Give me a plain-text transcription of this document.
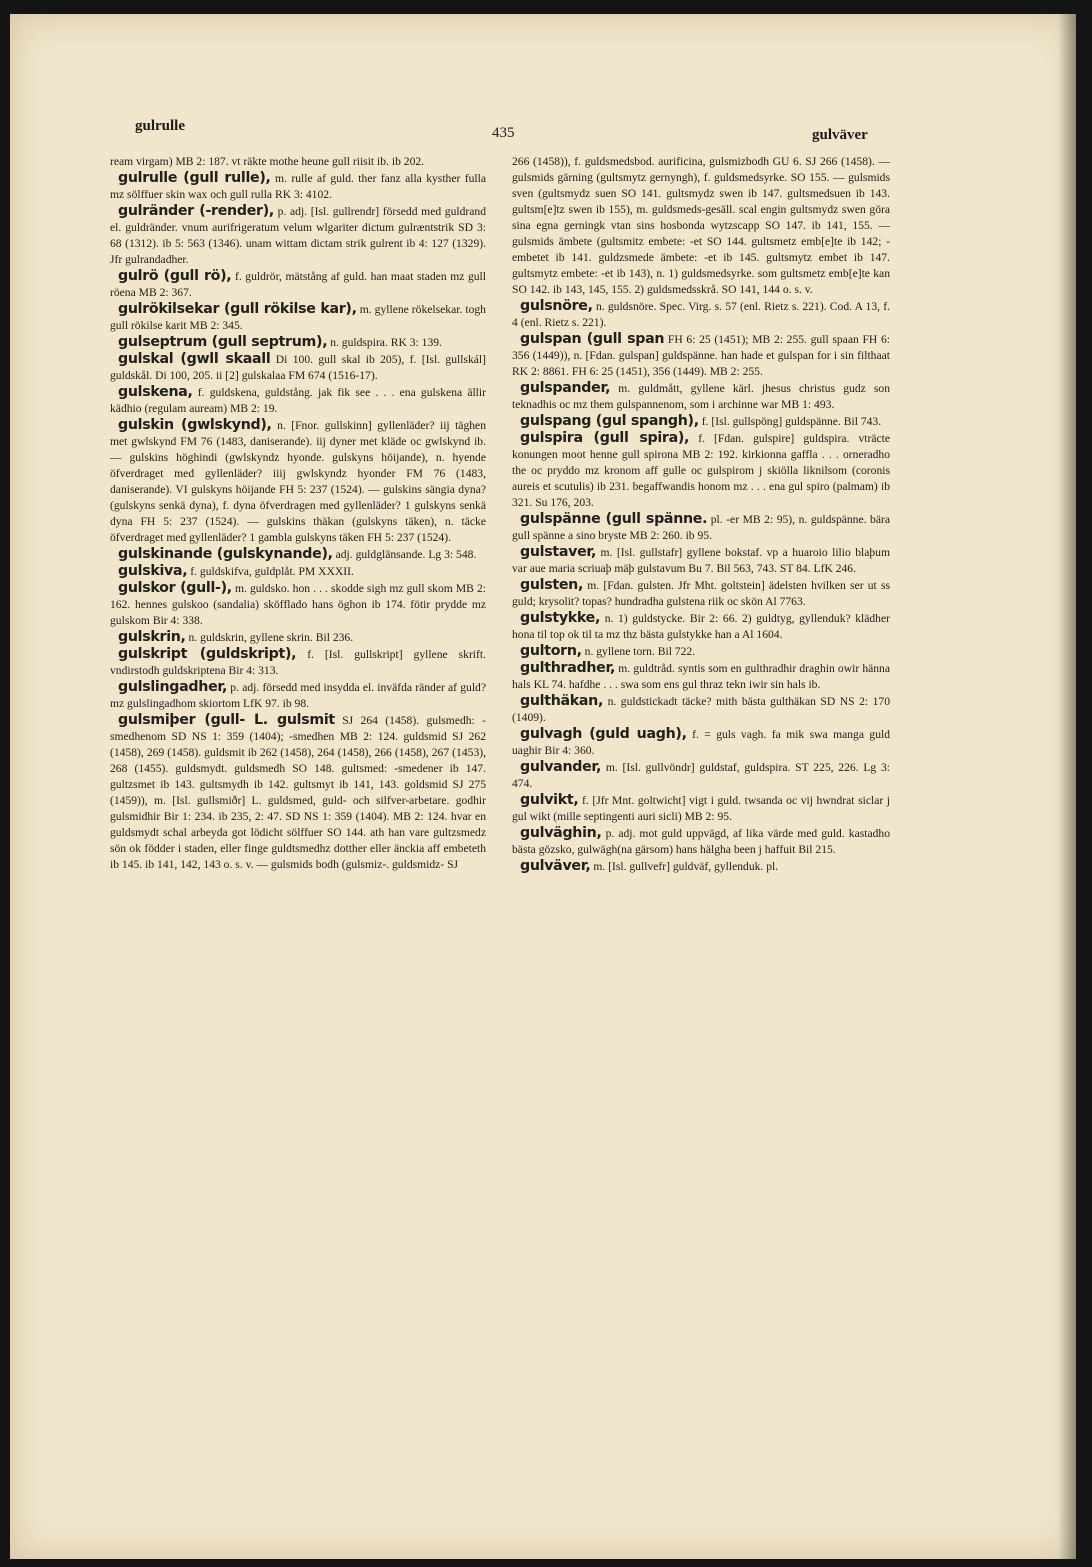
gulrulle	435	gulväver
ream virgam) MB 2: 187. vt räkte mothe heune gull riisit ib. ib 202.
gulrulle (gull rulle), m. rulle af guld. ther fanz alla kysther fulla mz sölffuer skin wax och gull rulla RK 3: 4102.
gulränder (-render), p. adj. [Isl. gullrendr] försedd med guldrand el. guldränder. vnum aurifrigeratum velum wlgariter dictum gulræntstrik SD 3: 68 (1312). ib 5: 563 (1346). unam wittam dictam strik gulrent ib 4: 127 (1329). Jfr gulrandadher.
gulrö (gull rö), f. guldrör, mätstång af guld. han maat staden mz gull röena MB 2: 367.
gulrökilsekar (gull rökilse kar), m. gyllene rökelsekar. togh gull rökilse karit MB 2: 345.
gulseptrum (gull septrum), n. guldspira. RK 3: 139.
gulskal (gwll skaall Di 100. gull skal ib 205), f. [Isl. gullskál] guldskål. Di 100, 205. ii [2] gulskalaa FM 674 (1516-17).
gulskena, f. guldskena, guldstång. jak fik see . . . ena gulskena ällir kädhio (regulam auream) MB 2: 19.
gulskin (gwlskynd), n. [Fnor. gullskinn] gyllenläder? iij täghen met gwlskynd FM 76 (1483, daniserande). iij dyner met kläde oc gwlskynd ib. — gulskins höghindi (gwlskyndz hyonde. gulskyns höijande), n. hyende öfverdraget med gyllenläder? iiij gwlskyndz hyonder FM 76 (1483, daniserande). VI gulskyns höijande FH 5: 237 (1524). — gulskins sängia dyna? (gulskyns senkä dyna), f. dyna öfverdragen med gyllenläder? 1 gulskyns senkä dyna FH 5: 237 (1524). — gulskins thäkan (gulskyns täken), n. täcke öfverdraget med gyllenläder? 1 gambla gulskyns täken FH 5: 237 (1524).
gulskinande (gulskynande), adj. guldglänsande. Lg 3: 548.
gulskiva, f. guldskifva, guldplåt. PM XXXII.
gulskor (gull-), m. guldsko. hon . . . skodde sigh mz gull skom MB 2: 162. hennes gulskoo (sandalia) sköfflado hans öghon ib 174. fötir prydde mz gulskom Bir 4: 338.
gulskrin, n. guldskrin, gyllene skrin. Bil 236.
gulskript (guldskript), f. [Isl. gullskript] gyllene skrift. vndirstodh guldskriptena Bir 4: 313.
gulslingadher, p. adj. försedd med insydda el. inväfda ränder af guld? mz gulslingadhom skiortom LfK 97. ib 98.
gulsmiþer (gull- L. gulsmit SJ 264 (1458). gulsmedh: -smedhenom SD NS 1: 359 (1404); -smedhen MB 2: 124. guldsmid SJ 262 (1458), 269 (1458). guldsmit ib 262 (1458), 264 (1458), 266 (1458), 267 (1453), 268 (1455). guldsmydt. guldsmedh SO 148. gultsmed: -smedener ib 147. gultzsmet ib 143. gultsmydh ib 142. gultsmyt ib 141, 143. goldsmid SJ 275 (1459)), m. [Isl. gullsmiðr] L. guldsmed, guld- och silfver-arbetare. godhir gulsmidhir Bir 1: 234. ib 235, 2: 47. SD NS 1: 359 (1404). MB 2: 124. hvar en guldsmydt schal arbeyda got lödicht sölffuer SO 144. ath han vare gultzsmedz sön ok födder i staden, eller finge guldtsmedhz dotther eller änckia aff embeteth ib 145. ib 141, 142, 143 o. s. v. — gulsmids bodh (gulsmiz-. guldsmidz- SJ
266 (1458)), f. guldsmedsbod. aurificina, gulsmizbodh GU 6. SJ 266 (1458). — gulsmids gärning (gultsmytz gernyngh), f. guldsmedsyrke. SO 155. — gulsmids sven (gultsmydz suen SO 141. gultsmydz swen ib 147. gultsmedsuen ib 143. gultsm[e]tz swen ib 155), m. guldsmeds-gesäll. scal engin gultsmydz swen göra sina egna gerningk vtan sins hosbonda wytzscapp SO 147. ib 141, 155. — gulsmids ämbete (gultsmitz embete: -et SO 144. gultsmetz emb[e]te ib 142; -embetet ib 141. guldzsmede ämbete: -et ib 145. gultsmytz embet ib 147. gultsmytz embete: -et ib 143), n. 1) guldsmedsyrke. som gultsmetz emb[e]te kan SO 142. ib 143, 145, 155. 2) guldsmedsskrå. SO 141, 144 o. s. v.
gulsnöre, n. guldsnöre. Spec. Virg. s. 57 (enl. Rietz s. 221). Cod. A 13, f. 4 (enl. Rietz s. 221).
gulspan (gull span FH 6: 25 (1451); MB 2: 255. gull spaan FH 6: 356 (1449)), n. [Fdan. gulspan] guldspänne. han hade et gulspan for i sin filthaat RK 2: 8861. FH 6: 25 (1451), 356 (1449). MB 2: 255.
gulspander, m. guldmått, gyllene kärl. jhesus christus gudz son teknadhis oc mz them gulspannenom, som i archinne war MB 1: 493.
gulspang (gul spangh), f. [Isl. gullspöng] guldspänne. Bil 743.
gulspira (gull spira), f. [Fdan. gulspire] guldspira. vträcte konungen moot henne gull spirona MB 2: 192. kirkionna gaffla . . . orneradho the oc pryddo mz kronom aff gulle oc gulspirom j skiölla liknilsom (coronis aureis et scutulis) ib 231. begaffwandis honom mz . . . ena gul spiro (palmam) ib 321. Su 176, 203.
gulspänne (gull spänne. pl. -er MB 2: 95), n. guldspänne. bära gull spänne a sino bryste MB 2: 260. ib 95.
gulstaver, m. [Isl. gullstafr] gyllene bokstaf. vp a huaroio lilio blaþum var aue maria scriuaþ mäþ gulstavum Bu 7. Bil 563, 743. ST 84. LfK 246.
gulsten, m. [Fdan. gulsten. Jfr Mht. goltstein] ädelsten hvilken ser ut ss guld; krysolit? topas? hundradha gulstena riik oc skön Al 7763.
gulstykke, n. 1) guldstycke. Bir 2: 66. 2) guldtyg, gyllenduk? klädher hona til top ok til ta mz thz bästa gulstykke han a Al 1604.
gultorn, n. gyllene torn. Bil 722.
gulthradher, m. guldtråd. syntis som en gulthradhir draghin owir hänna hals KL 74. hafdhe . . . swa som ens gul thraz tekn iwir sin hals ib.
gulthäkan, n. guldstickadt täcke? mith bästa gulthäkan SD NS 2: 170 (1409).
gulvagh (guld uagh), f. = guls vagh. fa mik swa manga guld uaghir Bir 4: 360.
gulvander, m. [Isl. gullvöndr] guldstaf, guldspira. ST 225, 226. Lg 3: 474.
gulvikt, f. [Jfr Mnt. goltwicht] vigt i guld. twsanda oc vij hwndrat siclar j gul wikt (mille septingenti auri sicli) MB 2: 95.
gulväghin, p. adj. mot guld uppvägd, af lika värde med guld. kastadho bästa gözsko, gulwägh(na gärsom) hans hälgha been j haffuit Bil 215.
gulväver, m. [Isl. gullvefr] guldväf, gyllenduk. pl.
